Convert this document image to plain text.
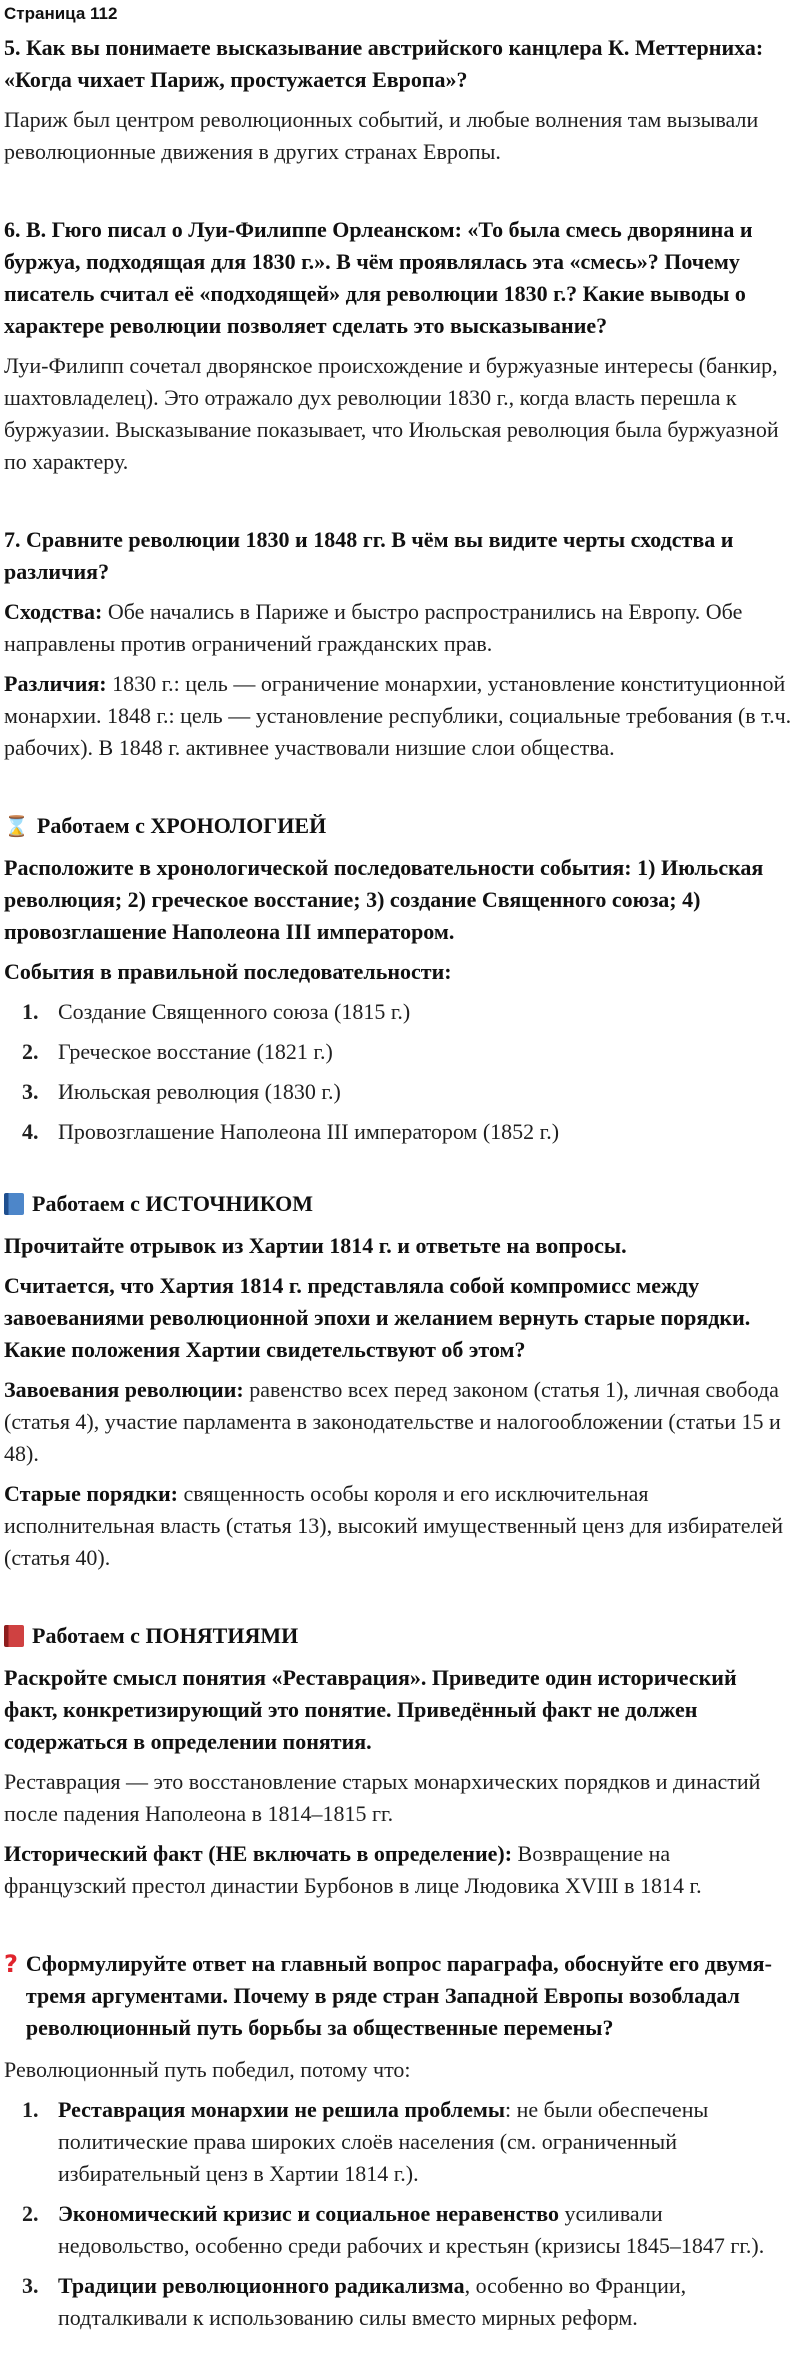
Страница 112
5. Как вы понимаете высказывание австрийского канцлера К. Меттерниха: «Когда чихает Париж, простужается Европа»?
Париж был центром революционных событий, и любые волнения там вызывали революционные движения в других странах Европы.
6. В. Гюго писал о Луи-Филиппе Орлеанском: «То была смесь дворянина и буржуа, подходящая для 1830 г.». В чём проявлялась эта «смесь»? Почему писатель считал её «подходящей» для революции 1830 г.? Какие выводы о характере революции позволяет сделать это высказывание?
Луи-Филипп сочетал дворянское происхождение и буржуазные интересы (банкир, шахтовладелец). Это отражало дух революции 1830 г., когда власть перешла к буржуазии. Высказывание показывает, что Июльская революция была буржуазной по характеру.
7. Сравните революции 1830 и 1848 гг. В чём вы видите черты сходства и различия?
Сходства: Обе начались в Париже и быстро распространились на Европу. Обе направлены против ограничений гражданских прав.
Различия: 1830 г.: цель — ограничение монархии, установление конституционной монархии. 1848 г.: цель — установление республики, социальные требования (в т.ч. рабочих). В 1848 г. активнее участвовали низшие слои общества.
⌛ Работаем с ХРОНОЛОГИЕЙ
Расположите в хронологической последовательности события: 1) Июльская революция; 2) греческое восстание; 3) создание Священного союза; 4) провозглашение Наполеона III императором.
События в правильной последовательности:
1. Создание Священного союза (1815 г.)
2. Греческое восстание (1821 г.)
3. Июльская революция (1830 г.)
4. Провозглашение Наполеона III императором (1852 г.)
Работаем с ИСТОЧНИКОМ
Прочитайте отрывок из Хартии 1814 г. и ответьте на вопросы.
Считается, что Хартия 1814 г. представляла собой компромисс между завоеваниями революционной эпохи и желанием вернуть старые порядки. Какие положения Хартии свидетельствуют об этом?
Завоевания революции: равенство всех перед законом (статья 1), личная свобода (статья 4), участие парламента в законодательстве и налогообложении (статьи 15 и 48).
Старые порядки: священность особы короля и его исключительная исполнительная власть (статья 13), высокий имущественный ценз для избирателей (статья 40).
Работаем с ПОНЯТИЯМИ
Раскройте смысл понятия «Реставрация». Приведите один исторический факт, конкретизирующий это понятие. Приведённый факт не должен содержаться в определении понятия.
Реставрация — это восстановление старых монархических порядков и династий после падения Наполеона в 1814–1815 гг.
Исторический факт (НЕ включать в определение): Возвращение на французский престол династии Бурбонов в лице Людовика XVIII в 1814 г.
? Сформулируйте ответ на главный вопрос параграфа, обоснуйте его двумя-тремя аргументами. Почему в ряде стран Западной Европы возобладал революционный путь борьбы за общественные перемены?
Революционный путь победил, потому что:
1. Реставрация монархии не решила проблемы: не были обеспечены политические права широких слоёв населения (см. ограниченный избирательный ценз в Хартии 1814 г.).
2. Экономический кризис и социальное неравенство усиливали недовольство, особенно среди рабочих и крестьян (кризисы 1845–1847 гг.).
3. Традиции революционного радикализма, особенно во Франции, подталкивали к использованию силы вместо мирных реформ.
